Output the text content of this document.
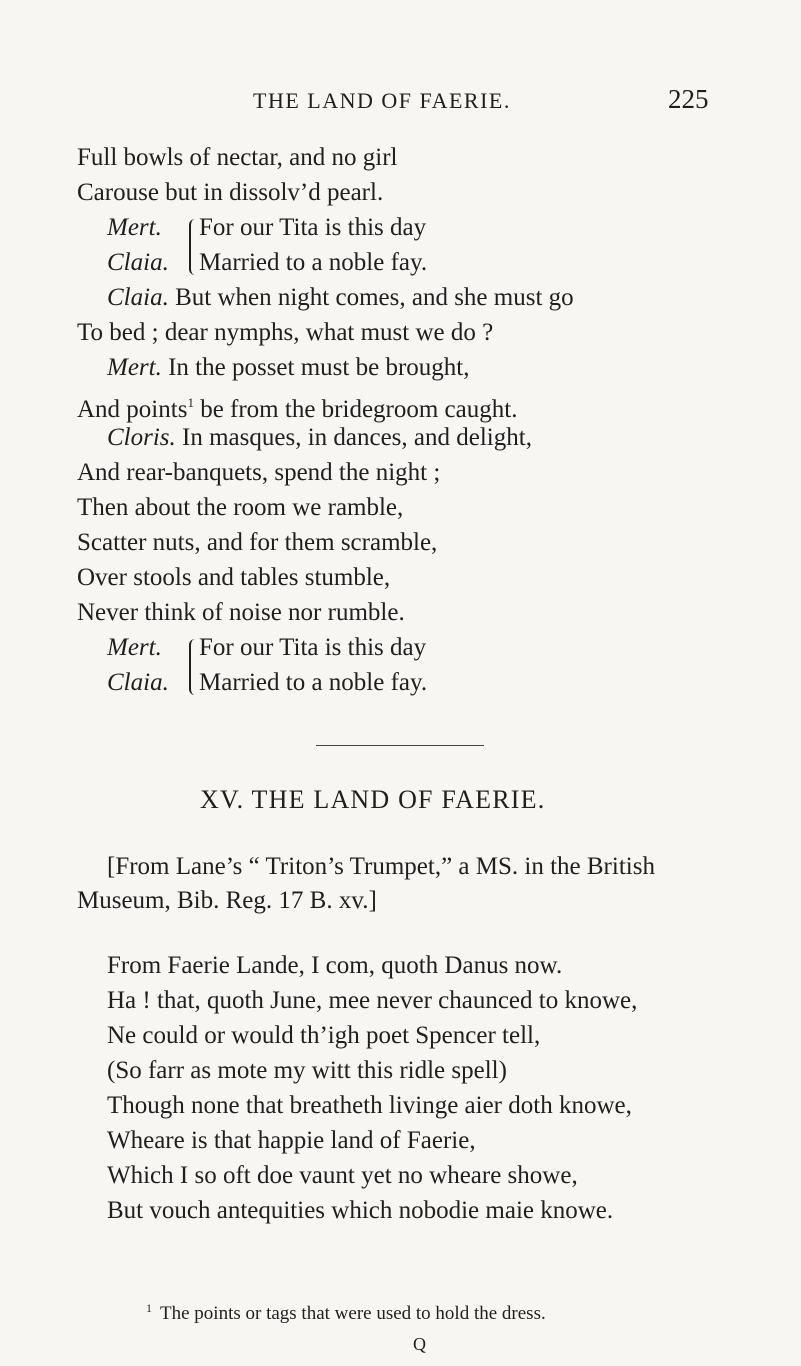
THE LAND OF FAERIE.	225
Full bowls of nectar, and no girl
Carouse but in dissolv’d pearl.
Mert. For our Tita is this day
Claia. Married to a noble fay.
Claia. But when night comes, and she must go
To bed ; dear nymphs, what must we do ?
Mert. In the posset must be brought,
And points$^1$ be from the bridegroom caught.
Cloris. In masques, in dances, and delight,
And rear-banquets, spend the night ;
Then about the room we ramble,
Scatter nuts, and for them scramble,
Over stools and tables stumble,
Never think of noise nor rumble.
Mert. For our Tita is this day
Claia. Married to a noble fay.
XV. THE LAND OF FAERIE.
[From Lane’s “ Triton’s Trumpet,” a MS. in the British
Museum, Bib. Reg. 17 B. xv.]
From Faerie Lande, I com, quoth Danus now.
Ha ! that, quoth June, mee never chaunced to knowe,
Ne could or would th’igh poet Spencer tell,
(So farr as mote my witt this ridle spell)
Though none that breatheth livinge aier doth knowe,
Wheare is that happie land of Faerie,
Which I so oft doe vaunt yet no wheare showe,
But vouch antequities which nobodie maie knowe.
$^1$ The points or tags that were used to hold the dress.
Q
